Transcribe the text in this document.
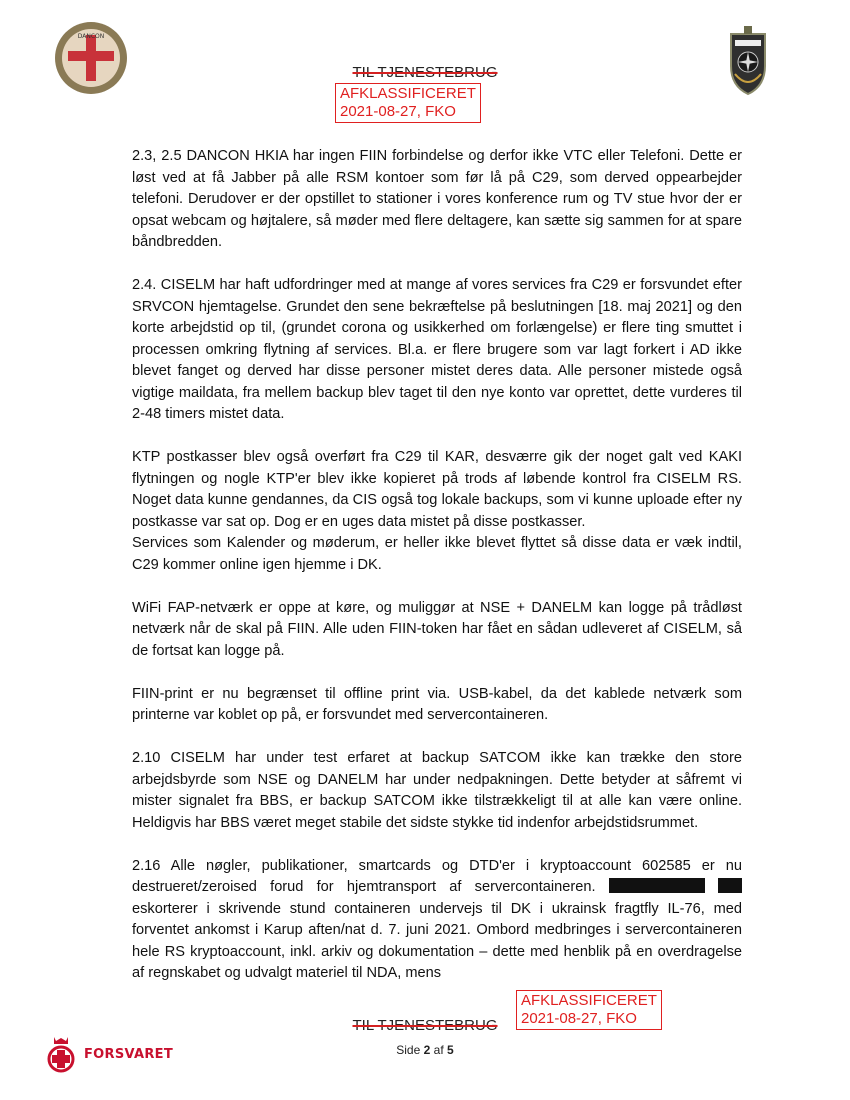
DANCON
TIL TJENESTEBRUG
AFKLASSIFICERET
2021-08-27, FKO

2.3, 2.5 DANCON HKIA har ingen FIIN forbindelse og derfor ikke VTC eller Telefoni. Dette er løst ved at få Jabber på alle RSM kontoer som før lå på C29, som derved oppearbejder telefoni. Derudover er der opstillet to stationer i vores konference rum og TV stue hvor der er opsat webcam og højtalere, så møder med flere deltagere, kan sætte sig sammen for at spare båndbredden.

2.4. CISELM har haft udfordringer med at mange af vores services fra C29 er forsvundet efter SRVCON hjemtagelse. Grundet den sene bekræftelse på beslutningen [18. maj 2021] og den korte arbejdstid op til, (grundet corona og usikkerhed om forlængelse) er flere ting smuttet i processen omkring flytning af services. Bl.a. er flere brugere som var lagt forkert i AD ikke blevet fanget og derved har disse personer mistet deres data. Alle personer mistede også vigtige maildata, fra mellem backup blev taget til den nye konto var oprettet, dette vurderes til 2-48 timers mistet data.

KTP postkasser blev også overført fra C29 til KAR, desværre gik der noget galt ved KAKI flytningen og nogle KTP'er blev ikke kopieret på trods af løbende kontrol fra CISELM RS. Noget data kunne gendannes, da CIS også tog lokale backups, som vi kunne uploade efter ny postkasse var sat op. Dog er en uges data mistet på disse postkasser.

Services som Kalender og møderum, er heller ikke blevet flyttet så disse data er væk indtil, C29 kommer online igen hjemme i DK.

WiFi FAP-netværk er oppe at køre, og muliggør at NSE + DANELM kan logge på trådløst netværk når de skal på FIIN. Alle uden FIIN-token har fået en sådan udleveret af CISELM, så de fortsat kan logge på.

FIIN-print er nu begrænset til offline print via. USB-kabel, da det kablede netværk som printerne var koblet op på, er forsvundet med servercontaineren.

2.10 CISELM har under test erfaret at backup SATCOM ikke kan trække den store arbejdsbyrde som NSE og DANELM har under nedpakningen. Dette betyder at såfremt vi mister signalet fra BBS, er backup SATCOM ikke tilstrækkeligt til at alle kan være online. Heldigvis har BBS været meget stabile det sidste stykke tid indenfor arbejdstidsrummet.

2.16 Alle nøgler, publikationer, smartcards og DTD'er i kryptoaccount 602585 er nu destrueret/zeroised forud for hjemtransport af servercontaineren.   eskorterer i skrivende stund containeren undervejs til DK i ukrainsk fragtfly IL-76, med forventet ankomst i Karup aften/nat d. 7. juni 2021. Ombord medbringes i servercontaineren hele RS kryptoaccount, inkl. arkiv og dokumentation – dette med henblik på en overdragelse af regnskabet og udvalgt materiel til NDA, mens

TIL TJENESTEBRUG
AFKLASSIFICERET
2021-08-27, FKO
Side 2 af 5
FORSVARET
